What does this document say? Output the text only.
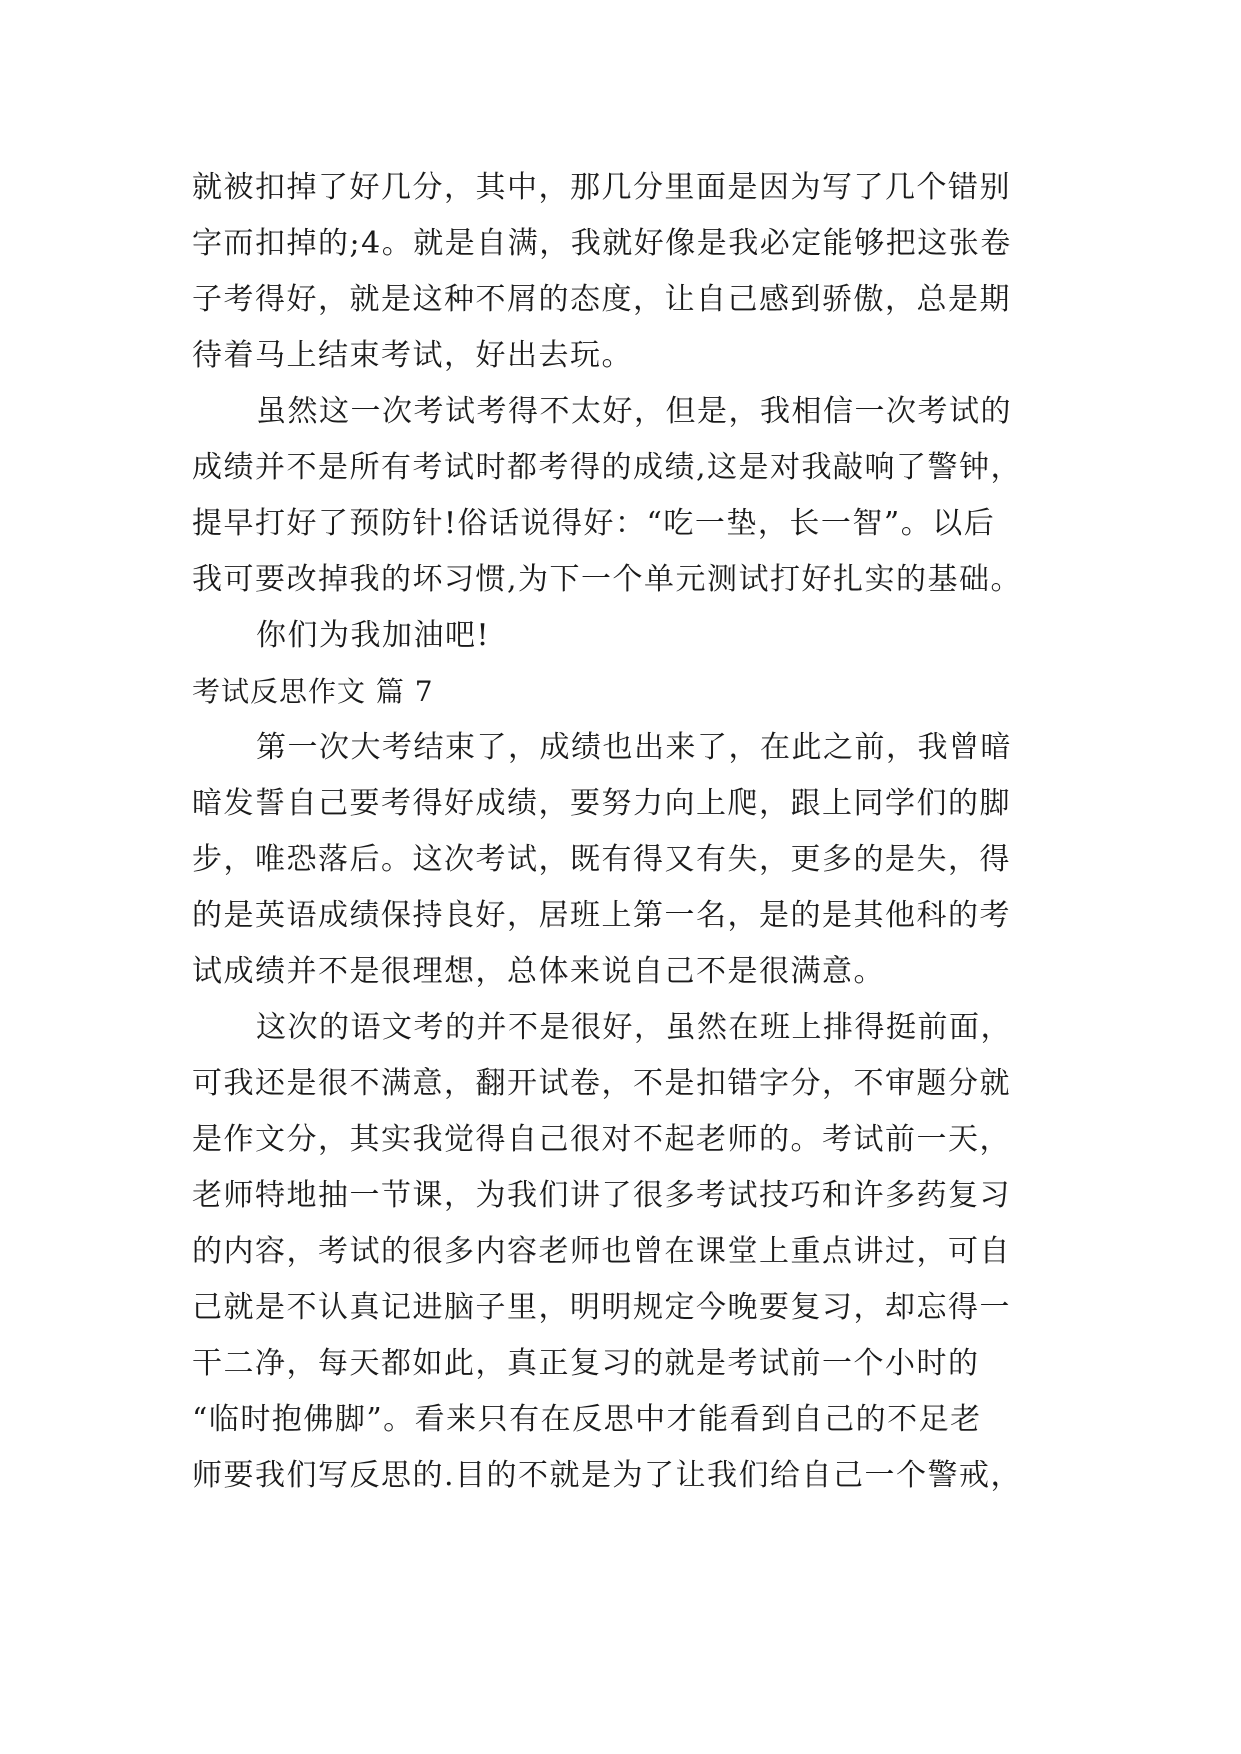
就被扣掉了好几分，其中，那几分里面是因为写了几个错别
字而扣掉的;4。就是自满，我就好像是我必定能够把这张卷
子考得好，就是这种不屑的态度，让自己感到骄傲，总是期
待着马上结束考试，好出去玩。
虽然这一次考试考得不太好，但是，我相信一次考试的
成绩并不是所有考试时都考得的成绩,这是对我敲响了警钟，
提早打好了预防针!俗话说得好：“吃一垫，长一智”。以后
我可要改掉我的坏习惯,为下一个单元测试打好扎实的基础。
你们为我加油吧!
考试反思作文 篇 7
第一次大考结束了，成绩也出来了，在此之前，我曾暗
暗发誓自己要考得好成绩，要努力向上爬，跟上同学们的脚
步，唯恐落后。这次考试，既有得又有失，更多的是失，得
的是英语成绩保持良好，居班上第一名，是的是其他科的考
试成绩并不是很理想，总体来说自己不是很满意。
这次的语文考的并不是很好，虽然在班上排得挺前面，
可我还是很不满意，翻开试卷，不是扣错字分，不审题分就
是作文分，其实我觉得自己很对不起老师的。考试前一天，
老师特地抽一节课，为我们讲了很多考试技巧和许多药复习
的内容，考试的很多内容老师也曾在课堂上重点讲过，可自
己就是不认真记进脑子里，明明规定今晚要复习，却忘得一
干二净，每天都如此，真正复习的就是考试前一个小时的
“临时抱佛脚”。看来只有在反思中才能看到自己的不足老
师要我们写反思的.目的不就是为了让我们给自己一个警戒，
